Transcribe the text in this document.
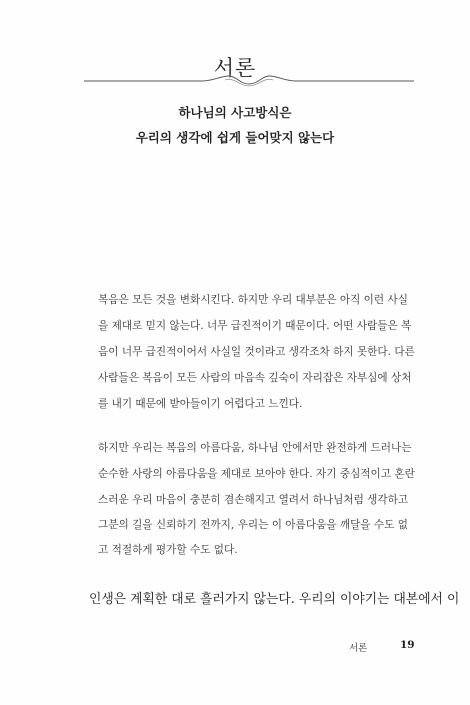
서론
하나님의 사고방식은
우리의 생각에 쉽게 들어맞지 않는다
복음은 모든 것을 변화시킨다. 하지만 우리 대부분은 아직 이런 사실
을 제대로 믿지 않는다. 너무 급진적이기 때문이다. 어떤 사람들은 복
음이 너무 급진적이어서 사실일 것이라고 생각조차 하지 못한다. 다른
사람들은 복음이 모든 사람의 마음속 깊숙이 자리잡은 자부심에 상처
를 내기 때문에 받아들이기 어렵다고 느낀다.
하지만 우리는 복음의 아름다움, 하나님 안에서만 완전하게 드러나는
순수한 사랑의 아름다움을 제대로 보아야 한다. 자기 중심적이고 혼란
스러운 우리 마음이 충분히 겸손해지고 열려서 하나님처럼 생각하고
그분의 길을 신뢰하기 전까지, 우리는 이 아름다움을 깨달을 수도 없
고 적절하게 평가할 수도 없다.
인생은 계획한 대로 흘러가지 않는다. 우리의 이야기는 대본에서 이
서론	19
